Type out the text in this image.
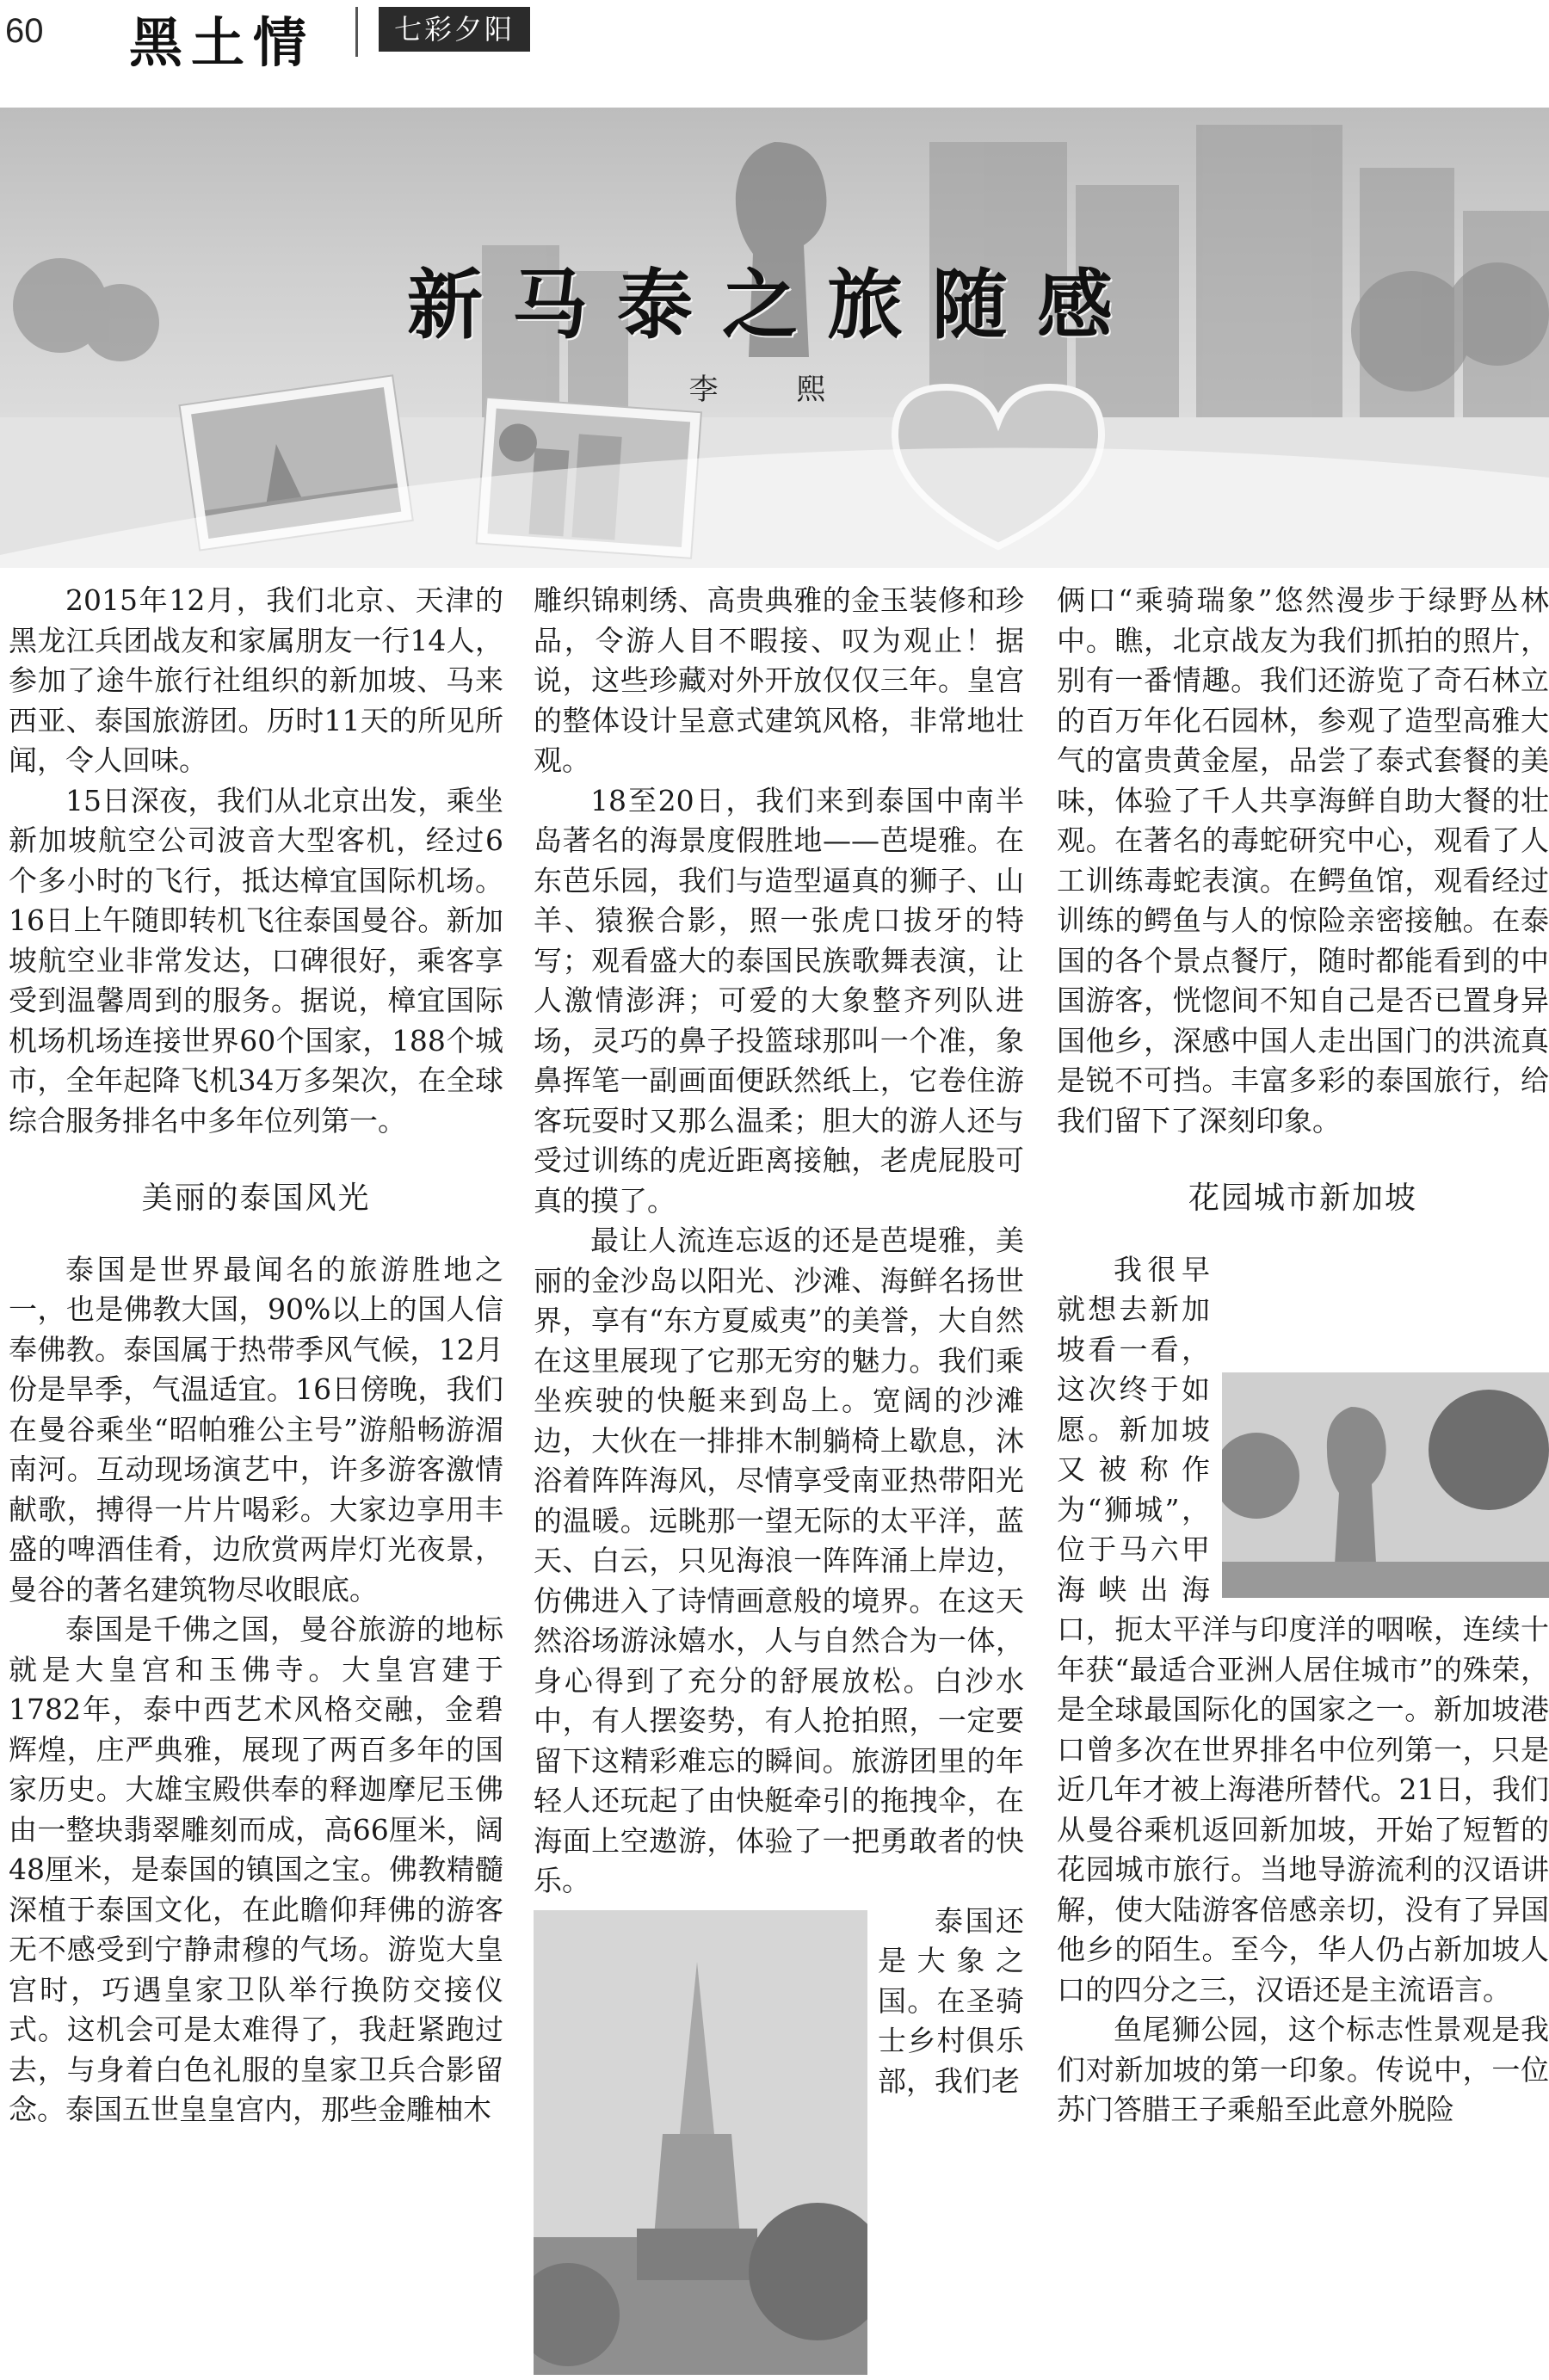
60 黑土情	七彩夕阳
新马泰之旅随感
李 熙

2015年12月，我们北京、天津的黑龙江兵团战友和家属朋友一行14人，参加了途牛旅行社组织的新加坡、马来西亚、泰国旅游团。历时11天的所见所闻，令人回味。

15日深夜，我们从北京出发，乘坐新加坡航空公司波音大型客机，经过6个多小时的飞行，抵达樟宜国际机场。16日上午随即转机飞往泰国曼谷。新加坡航空业非常发达，口碑很好，乘客享受到温馨周到的服务。据说，樟宜国际机场机场连接世界60个国家，188个城市，全年起降飞机34万多架次，在全球综合服务排名中多年位列第一。

美丽的泰国风光

泰国是世界最闻名的旅游胜地之一，也是佛教大国，90%以上的国人信奉佛教。泰国属于热带季风气候，12月份是旱季，气温适宜。16日傍晚，我们在曼谷乘坐“昭帕雅公主号”游船畅游湄南河。互动现场演艺中，许多游客激情献歌，搏得一片片喝彩。大家边享用丰盛的啤酒佳肴，边欣赏两岸灯光夜景，曼谷的著名建筑物尽收眼底。

泰国是千佛之国，曼谷旅游的地标就是大皇宫和玉佛寺。大皇宫建于1782年，泰中西艺术风格交融，金碧辉煌，庄严典雅，展现了两百多年的国家历史。大雄宝殿供奉的释迦摩尼玉佛由一整块翡翠雕刻而成，高66厘米，阔48厘米，是泰国的镇国之宝。佛教精髓深植于泰国文化，在此瞻仰拜佛的游客无不感受到宁静肃穆的气场。游览大皇宫时，巧遇皇家卫队举行换防交接仪式。这机会可是太难得了，我赶紧跑过去，与身着白色礼服的皇家卫兵合影留念。泰国五世皇皇宫内，那些金雕柚木

雕织锦刺绣、高贵典雅的金玉装修和珍品，令游人目不暇接、叹为观止！据说，这些珍藏对外开放仅仅三年。皇宫的整体设计呈意式建筑风格，非常地壮观。

18至20日，我们来到泰国中南半岛著名的海景度假胜地——芭堤雅。在东芭乐园，我们与造型逼真的狮子、山羊、猿猴合影，照一张虎口拔牙的特写；观看盛大的泰国民族歌舞表演，让人激情澎湃；可爱的大象整齐列队进场，灵巧的鼻子投篮球那叫一个准，象鼻挥笔一副画面便跃然纸上，它卷住游客玩耍时又那么温柔；胆大的游人还与受过训练的虎近距离接触，老虎屁股可真的摸了。

最让人流连忘返的还是芭堤雅，美丽的金沙岛以阳光、沙滩、海鲜名扬世界，享有“东方夏威夷”的美誉，大自然在这里展现了它那无穷的魅力。我们乘坐疾驶的快艇来到岛上。宽阔的沙滩边，大伙在一排排木制躺椅上歇息，沐浴着阵阵海风，尽情享受南亚热带阳光的温暖。远眺那一望无际的太平洋，蓝天、白云，只见海浪一阵阵涌上岸边，仿佛进入了诗情画意般的境界。在这天然浴场游泳嬉水，人与自然合为一体，身心得到了充分的舒展放松。白沙水中，有人摆姿势，有人抢拍照，一定要留下这精彩难忘的瞬间。旅游团里的年轻人还玩起了由快艇牵引的拖拽伞，在海面上空遨游，体验了一把勇敢者的快乐。

泰国还是大象之国。在圣骑士乡村俱乐部，我们老

俩口“乘骑瑞象”悠然漫步于绿野丛林中。瞧，北京战友为我们抓拍的照片，别有一番情趣。我们还游览了奇石林立的百万年化石园林，参观了造型高雅大气的富贵黄金屋，品尝了泰式套餐的美味，体验了千人共享海鲜自助大餐的壮观。在著名的毒蛇研究中心，观看了人工训练毒蛇表演。在鳄鱼馆，观看经过训练的鳄鱼与人的惊险亲密接触。在泰国的各个景点餐厅，随时都能看到的中国游客，恍惚间不知自己是否已置身异国他乡，深感中国人走出国门的洪流真是锐不可挡。丰富多彩的泰国旅行，给我们留下了深刻印象。

花园城市新加坡

我很早就想去新加坡看一看，这次终于如愿。新加坡又被称作为“狮城”，位于马六甲海峡出海口，扼太平洋与印度洋的咽喉，连续十年获“最适合亚洲人居住城市”的殊荣，是全球最国际化的国家之一。新加坡港口曾多次在世界排名中位列第一，只是近几年才被上海港所替代。21日，我们从曼谷乘机返回新加坡，开始了短暂的花园城市旅行。当地导游流利的汉语讲解，使大陆游客倍感亲切，没有了异国他乡的陌生。至今，华人仍占新加坡人口的四分之三，汉语还是主流语言。

鱼尾狮公园，这个标志性景观是我们对新加坡的第一印象。传说中，一位苏门答腊王子乘船至此意外脱险
